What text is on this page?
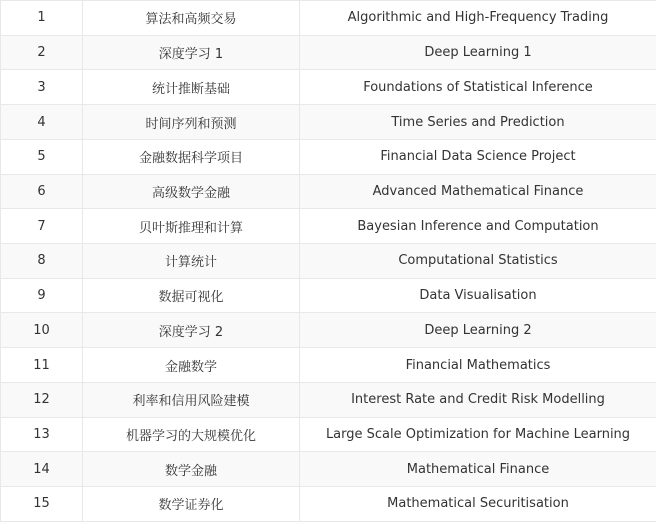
1	算法和高频交易	Algorithmic and High-Frequency Trading
2	深度学习 1	Deep Learning 1
3	统计推断基础	Foundations of Statistical Inference
4	时间序列和预测	Time Series and Prediction
5	金融数据科学项目	Financial Data Science Project
6	高级数学金融	Advanced Mathematical Finance
7	贝叶斯推理和计算	Bayesian Inference and Computation
8	计算统计	Computational Statistics
9	数据可视化	Data Visualisation
10	深度学习 2	Deep Learning 2
11	金融数学	Financial Mathematics
12	利率和信用风险建模	Interest Rate and Credit Risk Modelling
13	机器学习的大规模优化	Large Scale Optimization for Machine Learning
14	数学金融	Mathematical Finance
15	数学证券化	Mathematical Securitisation
